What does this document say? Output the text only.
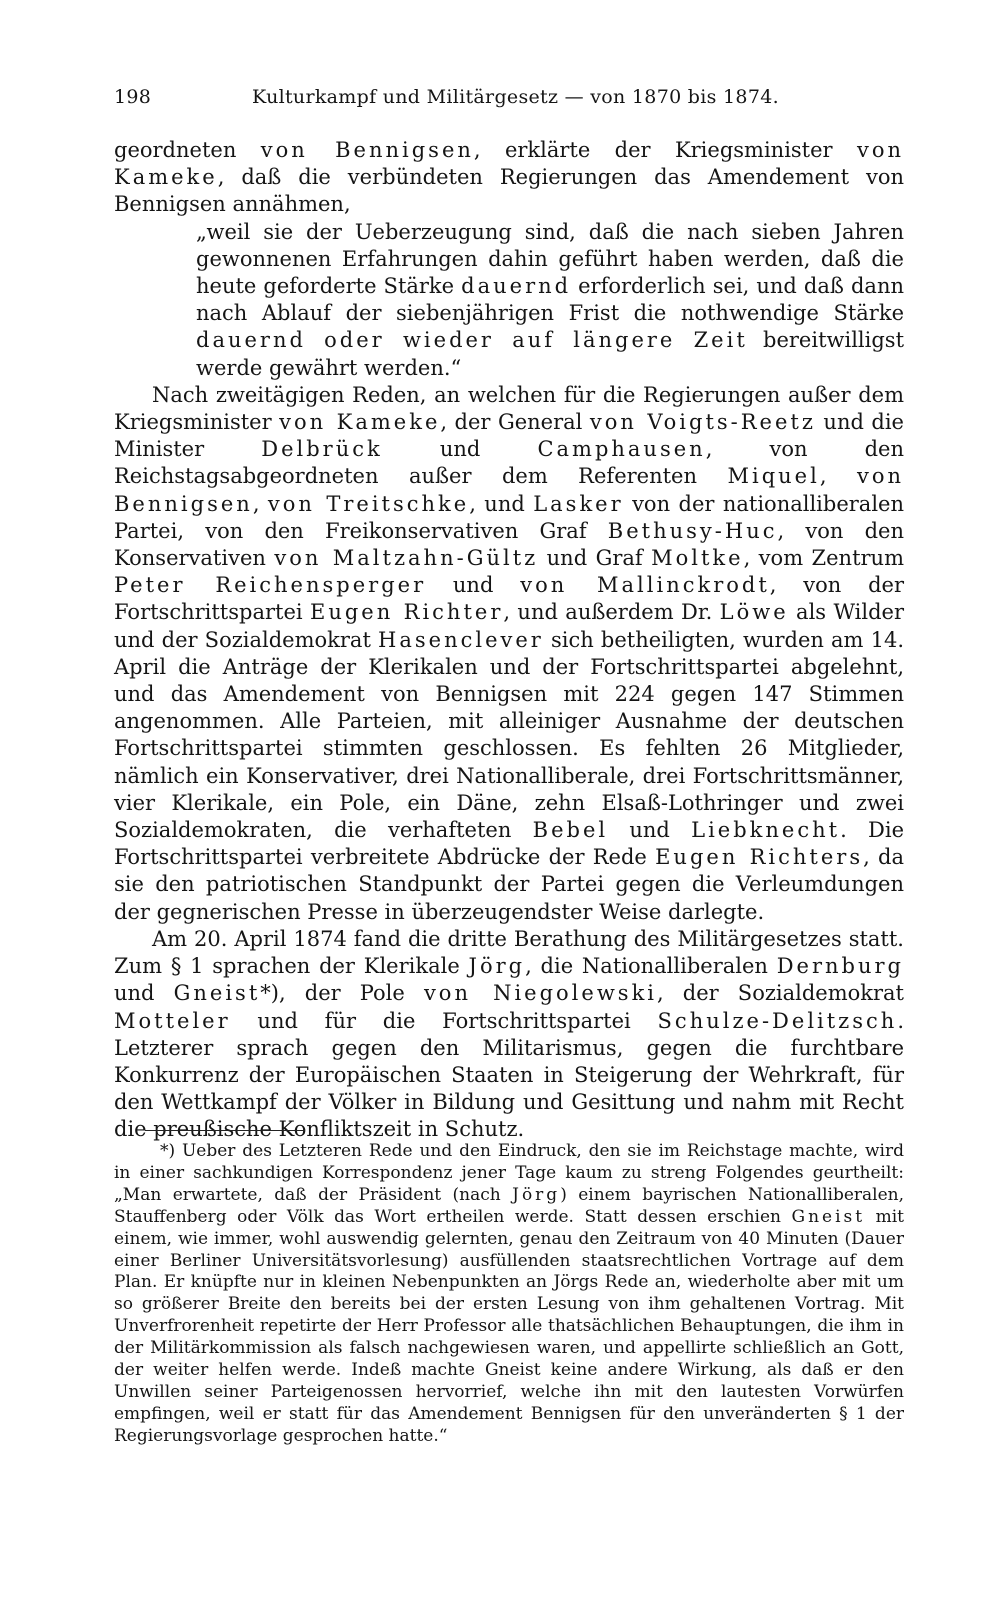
198	Kulturkampf und Militärgesetz — von 1870 bis 1874.

geordneten von Bennigsen, erklärte der Kriegsminister von Kameke, daß die verbündeten Regierungen das Amendement von Bennigsen annähmen,

„weil sie der Ueberzeugung sind, daß die nach sieben Jahren gewonnenen Erfahrungen dahin geführt haben werden, daß die heute geforderte Stärke dauernd erforderlich sei, und daß dann nach Ablauf der siebenjährigen Frist die nothwendige Stärke dauernd oder wieder auf längere Zeit bereitwilligst werde gewährt werden.“

Nach zweitägigen Reden, an welchen für die Regierungen außer dem Kriegsminister von Kameke, der General von Voigts-Reetz und die Minister Delbrück und Camphausen, von den Reichstagsabgeordneten außer dem Referenten Miquel, von Bennigsen, von Treitschke, und Lasker von der nationalliberalen Partei, von den Freikonservativen Graf Bethusy-Huc, von den Konservativen von Maltzahn-Gültz und Graf Moltke, vom Zentrum Peter Reichensperger und von Mallinckrodt, von der Fortschrittspartei Eugen Richter, und außerdem Dr. Löwe als Wilder und der Sozialdemokrat Hasenclever sich betheiligten, wurden am 14. April die Anträge der Klerikalen und der Fortschrittspartei abgelehnt, und das Amendement von Bennigsen mit 224 gegen 147 Stimmen angenommen. Alle Parteien, mit alleiniger Ausnahme der deutschen Fortschrittspartei stimmten geschlossen. Es fehlten 26 Mitglieder, nämlich ein Konservativer, drei Nationalliberale, drei Fortschrittsmänner, vier Klerikale, ein Pole, ein Däne, zehn Elsaß-Lothringer und zwei Sozialdemokraten, die verhafteten Bebel und Liebknecht. Die Fortschrittspartei verbreitete Abdrücke der Rede Eugen Richters, da sie den patriotischen Standpunkt der Partei gegen die Verleumdungen der gegnerischen Presse in überzeugendster Weise darlegte.

Am 20. April 1874 fand die dritte Berathung des Militärgesetzes statt. Zum § 1 sprachen der Klerikale Jörg, die Nationalliberalen Dernburg und Gneist*), der Pole von Niegolewski, der Sozialdemokrat Motteler und für die Fortschrittspartei Schulze-Delitzsch. Letzterer sprach gegen den Militarismus, gegen die furchtbare Konkurrenz der Europäischen Staaten in Steigerung der Wehrkraft, für den Wettkampf der Völker in Bildung und Gesittung und nahm mit Recht die preußische Konfliktszeit in Schutz.

*) Ueber des Letzteren Rede und den Eindruck, den sie im Reichstage machte, wird in einer sachkundigen Korrespondenz jener Tage kaum zu streng Folgendes geurtheilt: „Man erwartete, daß der Präsident (nach Jörg) einem bayrischen Nationalliberalen, Stauffenberg oder Völk das Wort ertheilen werde. Statt dessen erschien Gneist mit einem, wie immer, wohl auswendig gelernten, genau den Zeitraum von 40 Minuten (Dauer einer Berliner Universitätsvorlesung) ausfüllenden staatsrechtlichen Vortrage auf dem Plan. Er knüpfte nur in kleinen Nebenpunkten an Jörgs Rede an, wiederholte aber mit um so größerer Breite den bereits bei der ersten Lesung von ihm gehaltenen Vortrag. Mit Unverfrorenheit repetirte der Herr Professor alle thatsächlichen Behauptungen, die ihm in der Militärkommission als falsch nachgewiesen waren, und appellirte schließlich an Gott, der weiter helfen werde. Indeß machte Gneist keine andere Wirkung, als daß er den Unwillen seiner Parteigenossen hervorrief, welche ihn mit den lautesten Vorwürfen empfingen, weil er statt für das Amendement Bennigsen für den unveränderten § 1 der Regierungsvorlage gesprochen hatte.“
